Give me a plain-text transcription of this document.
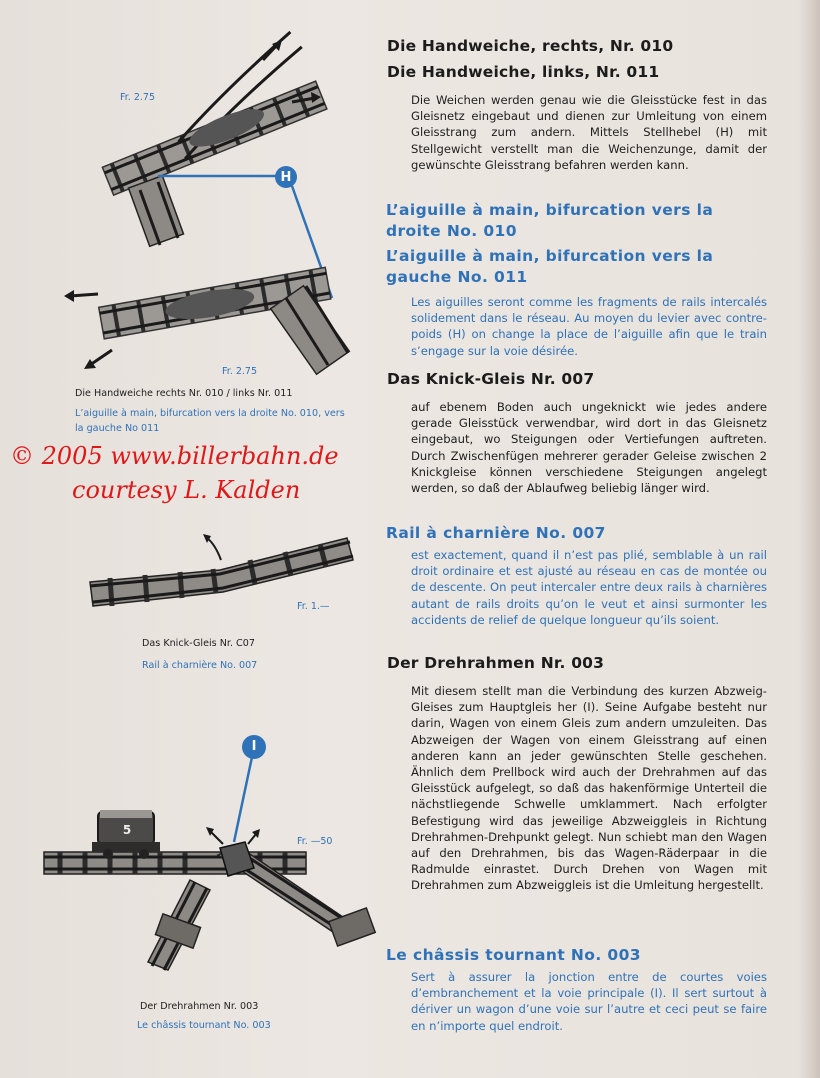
Die Handweiche, rechts, Nr. 010
Die Handweiche, links, Nr. 011
Die Weichen werden genau wie die Gleisstücke fest in das Gleisnetz eingebaut und dienen zur Umleitung von einem Gleisstrang zum andern. Mittels Stellhebel (H) mit Stellgewicht verstellt man die Weichenzunge, damit der gewünschte Gleisstrang befahren werden kann.
L’aiguille à main, bifurcation vers la droite No. 010
L’aiguille à main, bifurcation vers la gauche No. 011
Les aiguilles seront comme les fragments de rails intercalés solidement dans le réseau. Au moyen du levier avec contre-poids (H) on change la place de l’aiguille afin que le train s’engage sur la voie désirée.
Das Knick-Gleis Nr. 007
auf ebenem Boden auch ungeknickt wie jedes andere gerade Gleisstück verwendbar, wird dort in das Gleisnetz eingebaut, wo Steigungen oder Vertiefungen auftreten. Durch Zwischenfügen mehrerer gerader Geleise zwischen 2 Knickgleise können verschiedene Steigungen angelegt werden, so daß der Ablaufweg beliebig länger wird.
Rail à charnière No. 007
est exactement, quand il n’est pas plié, semblable à un rail droit ordinaire et est ajusté au réseau en cas de montée ou de descente. On peut intercaler entre deux rails à charnières autant de rails droits qu’on le veut et ainsi surmonter les accidents de relief de quelque longueur qu’ils soient.
Der Drehrahmen Nr. 003
Mit diesem stellt man die Verbindung des kurzen Abzweig-Gleises zum Hauptgleis her (I). Seine Aufgabe besteht nur darin, Wagen von einem Gleis zum andern umzuleiten. Das Abzweigen der Wagen von einem Gleisstrang auf einen anderen kann an jeder gewünschten Stelle geschehen. Ähnlich dem Prellbock wird auch der Drehrahmen auf das Gleisstück aufgelegt, so daß das hakenförmige Unterteil die nächstliegende Schwelle umklammert. Nach erfolgter Befestigung wird das jeweilige Abzweiggleis in Richtung Drehrahmen-Drehpunkt gelegt. Nun schiebt man den Wagen auf den Drehrahmen, bis das Wagen-Räderpaar in die Radmulde einrastet. Durch Drehen von Wagen mit Drehrahmen zum Abzweiggleis ist die Umleitung hergestellt.
Le châssis tournant No. 003
Sert à assurer la jonction entre de courtes voies d’embranchement et la voie principale (I). Il sert surtout à dériver un wagon d’une voie sur l’autre et ceci peut se faire en n’importe quel endroit.
Fr. 2.75
H
Fr. 2.75
Die Handweiche rechts Nr. 010 / links Nr. 011
L’aiguille à main, bifurcation vers la droite No. 010, vers la gauche No 011
© 2005 www.billerbahn.de
courtesy L. Kalden
Fr. 1.—
Das Knick-Gleis Nr. C07
Rail à charnière No. 007
I
5
Fr. —50
Der Drehrahmen Nr. 003
Le châssis tournant No. 003
